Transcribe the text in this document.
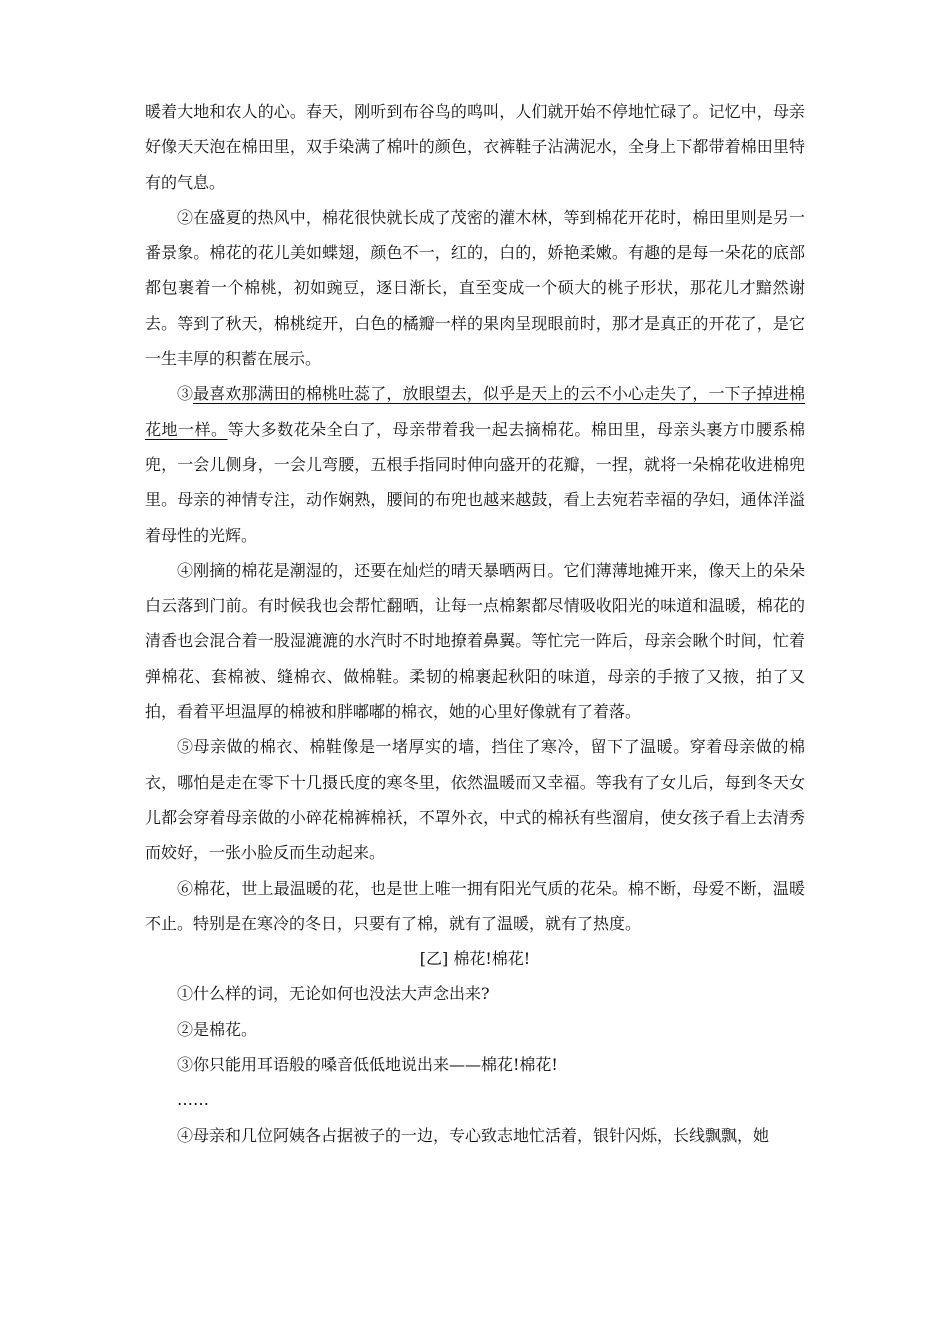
暖着大地和农人的心。春天，刚听到布谷鸟的鸣叫，人们就开始不停地忙碌了。记忆中，母亲好像天天泡在棉田里，双手染满了棉叶的颜色，衣裤鞋子沾满泥水，全身上下都带着棉田里特有的气息。

②在盛夏的热风中，棉花很快就长成了茂密的灌木林，等到棉花开花时，棉田里则是另一番景象。棉花的花儿美如蝶翅，颜色不一，红的，白的，娇艳柔嫩。有趣的是每一朵花的底部都包裹着一个棉桃，初如豌豆，逐日渐长，直至变成一个硕大的桃子形状，那花儿才黯然谢去。等到了秋天，棉桃绽开，白色的橘瓣一样的果肉呈现眼前时，那才是真正的开花了，是它一生丰厚的积蓄在展示。

③最喜欢那满田的棉桃吐蕊了，放眼望去，似乎是天上的云不小心走失了，一下子掉进棉花地一样。等大多数花朵全白了，母亲带着我一起去摘棉花。棉田里，母亲头裹方巾腰系棉兜，一会儿侧身，一会儿弯腰，五根手指同时伸向盛开的花瓣，一捏，就将一朵棉花收进棉兜里。母亲的神情专注，动作娴熟，腰间的布兜也越来越鼓，看上去宛若幸福的孕妇，通体洋溢着母性的光辉。

④刚摘的棉花是潮湿的，还要在灿烂的晴天暴晒两日。它们薄薄地摊开来，像天上的朵朵白云落到门前。有时候我也会帮忙翻晒，让每一点棉絮都尽情吸收阳光的味道和温暖，棉花的清香也会混合着一股湿漉漉的水汽时不时地撩着鼻翼。等忙完一阵后，母亲会瞅个时间，忙着弹棉花、套棉被、缝棉衣、做棉鞋。柔韧的棉裹起秋阳的味道，母亲的手掖了又掖，拍了又拍，看着平坦温厚的棉被和胖嘟嘟的棉衣，她的心里好像就有了着落。

⑤母亲做的棉衣、棉鞋像是一堵厚实的墙，挡住了寒冷，留下了温暖。穿着母亲做的棉衣，哪怕是走在零下十几摄氏度的寒冬里，依然温暖而又幸福。等我有了女儿后，每到冬天女儿都会穿着母亲做的小碎花棉裤棉袄，不罩外衣，中式的棉袄有些溜肩，使女孩子看上去清秀而姣好，一张小脸反而生动起来。

⑥棉花，世上最温暖的花，也是世上唯一拥有阳光气质的花朵。棉不断，母爱不断，温暖不止。特别是在寒冷的冬日，只要有了棉，就有了温暖，就有了热度。

[乙] 棉花!棉花!

①什么样的词，无论如何也没法大声念出来?

②是棉花。

③你只能用耳语般的嗓音低低地说出来——棉花!棉花!

……

④母亲和几位阿姨各占据被子的一边，专心致志地忙活着，银针闪烁，长线飘飘，她
